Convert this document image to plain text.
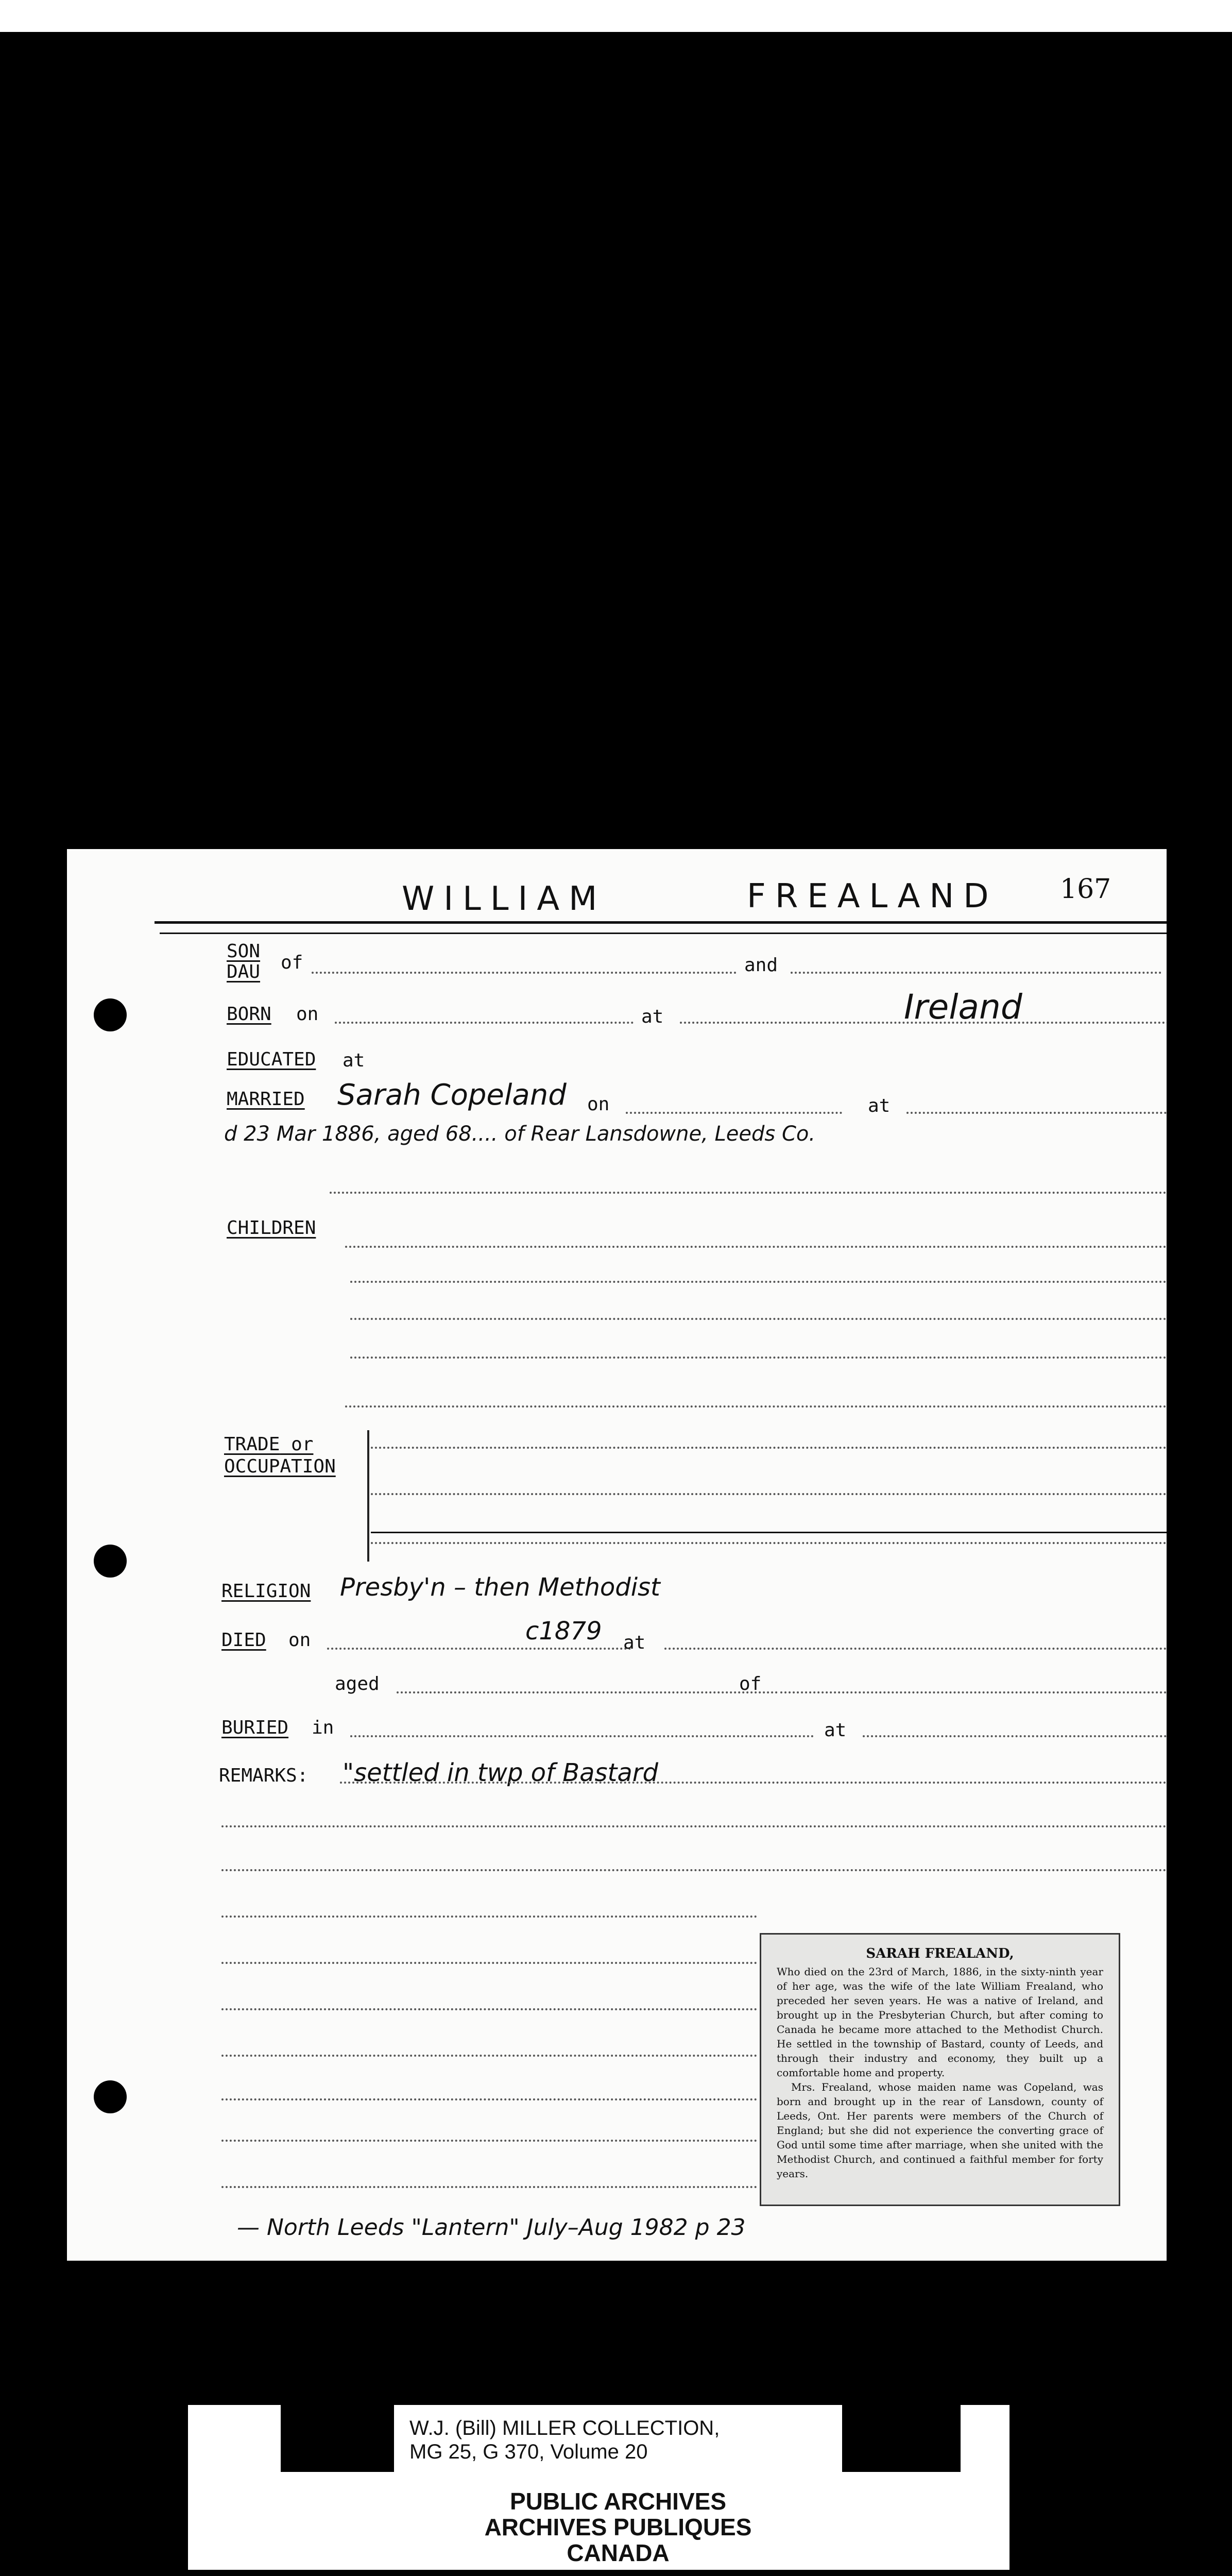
WILLIAM	FREALAND 167
SON
DAU of	and
BORN on	at	Ireland
EDUCATED at
MARRIED Sarah Copeland on	at
d 23 Mar 1886, aged 68.... of Rear Lansdowne, Leeds Co.
CHILDREN
TRADE or
OCCUPATION
RELIGION Presby'n – then Methodist
DIED on	c1879 at
aged	of
BURIED in	at
REMARKS: "settled in twp of Bastard
SARAH FREALAND,

Who died on the 23rd of March, 1886, in the sixty-ninth year of her age, was the wife of the late William Frealand, who preceded her seven years. He was a native of Ireland, and brought up in the Presbyterian Church, but after coming to Canada he became more attached to the Methodist Church. He settled in the township of Bastard, county of Leeds, and through their industry and economy, they built up a comfortable home and property.

Mrs. Frealand, whose maiden name was Copeland, was born and brought up in the rear of Lansdown, county of Leeds, Ont. Her parents were members of the Church of England; but she did not experience the converting grace of God until some time after marriage, when she united with the Methodist Church, and continued a faithful member for forty years.

— North Leeds "Lantern" July–Aug 1982 p 23
W.J. (Bill) MILLER COLLECTION,
MG 25, G 370, Volume 20
PUBLIC ARCHIVES
ARCHIVES PUBLIQUES
CANADA
